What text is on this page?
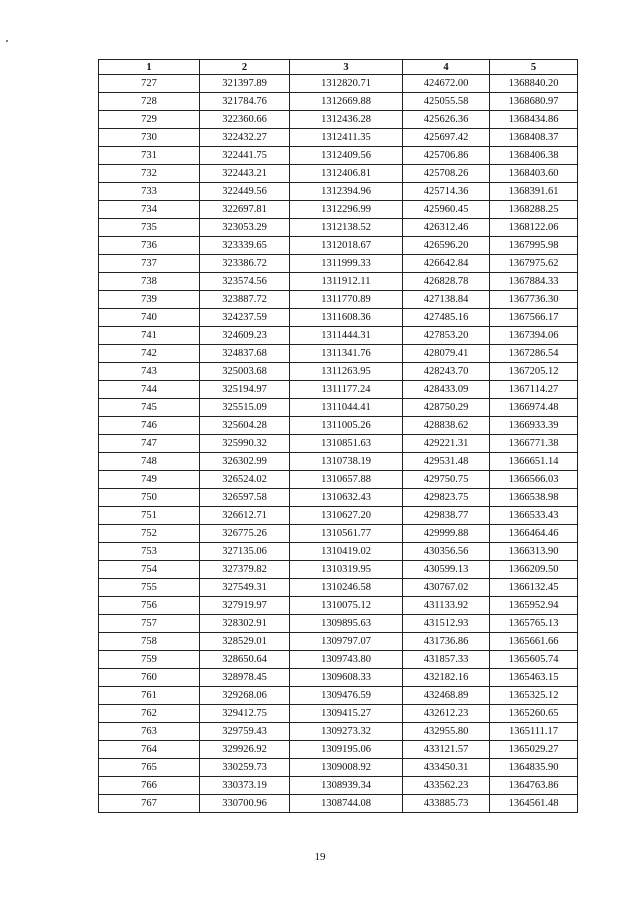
1	2	3	4	5
727	321397.89	1312820.71	424672.00	1368840.20
728	321784.76	1312669.88	425055.58	1368680.97
729	322360.66	1312436.28	425626.36	1368434.86
730	322432.27	1312411.35	425697.42	1368408.37
731	322441.75	1312409.56	425706.86	1368406.38
732	322443.21	1312406.81	425708.26	1368403.60
733	322449.56	1312394.96	425714.36	1368391.61
734	322697.81	1312296.99	425960.45	1368288.25
735	323053.29	1312138.52	426312.46	1368122.06
736	323339.65	1312018.67	426596.20	1367995.98
737	323386.72	1311999.33	426642.84	1367975.62
738	323574.56	1311912.11	426828.78	1367884.33
739	323887.72	1311770.89	427138.84	1367736.30
740	324237.59	1311608.36	427485.16	1367566.17
741	324609.23	1311444.31	427853.20	1367394.06
742	324837.68	1311341.76	428079.41	1367286.54
743	325003.68	1311263.95	428243.70	1367205.12
744	325194.97	1311177.24	428433.09	1367114.27
745	325515.09	1311044.41	428750.29	1366974.48
746	325604.28	1311005.26	428838.62	1366933.39
747	325990.32	1310851.63	429221.31	1366771.38
748	326302.99	1310738.19	429531.48	1366651.14
749	326524.02	1310657.88	429750.75	1366566.03
750	326597.58	1310632.43	429823.75	1366538.98
751	326612.71	1310627.20	429838.77	1366533.43
752	326775.26	1310561.77	429999.88	1366464.46
753	327135.06	1310419.02	430356.56	1366313.90
754	327379.82	1310319.95	430599.13	1366209.50
755	327549.31	1310246.58	430767.02	1366132.45
756	327919.97	1310075.12	431133.92	1365952.94
757	328302.91	1309895.63	431512.93	1365765.13
758	328529.01	1309797.07	431736.86	1365661.66
759	328650.64	1309743.80	431857.33	1365605.74
760	328978.45	1309608.33	432182.16	1365463.15
761	329268.06	1309476.59	432468.89	1365325.12
762	329412.75	1309415.27	432612.23	1365260.65
763	329759.43	1309273.32	432955.80	1365111.17
764	329926.92	1309195.06	433121.57	1365029.27
765	330259.73	1309008.92	433450.31	1364835.90
766	330373.19	1308939.34	433562.23	1364763.86
767	330700.96	1308744.08	433885.73	1364561.48
19
